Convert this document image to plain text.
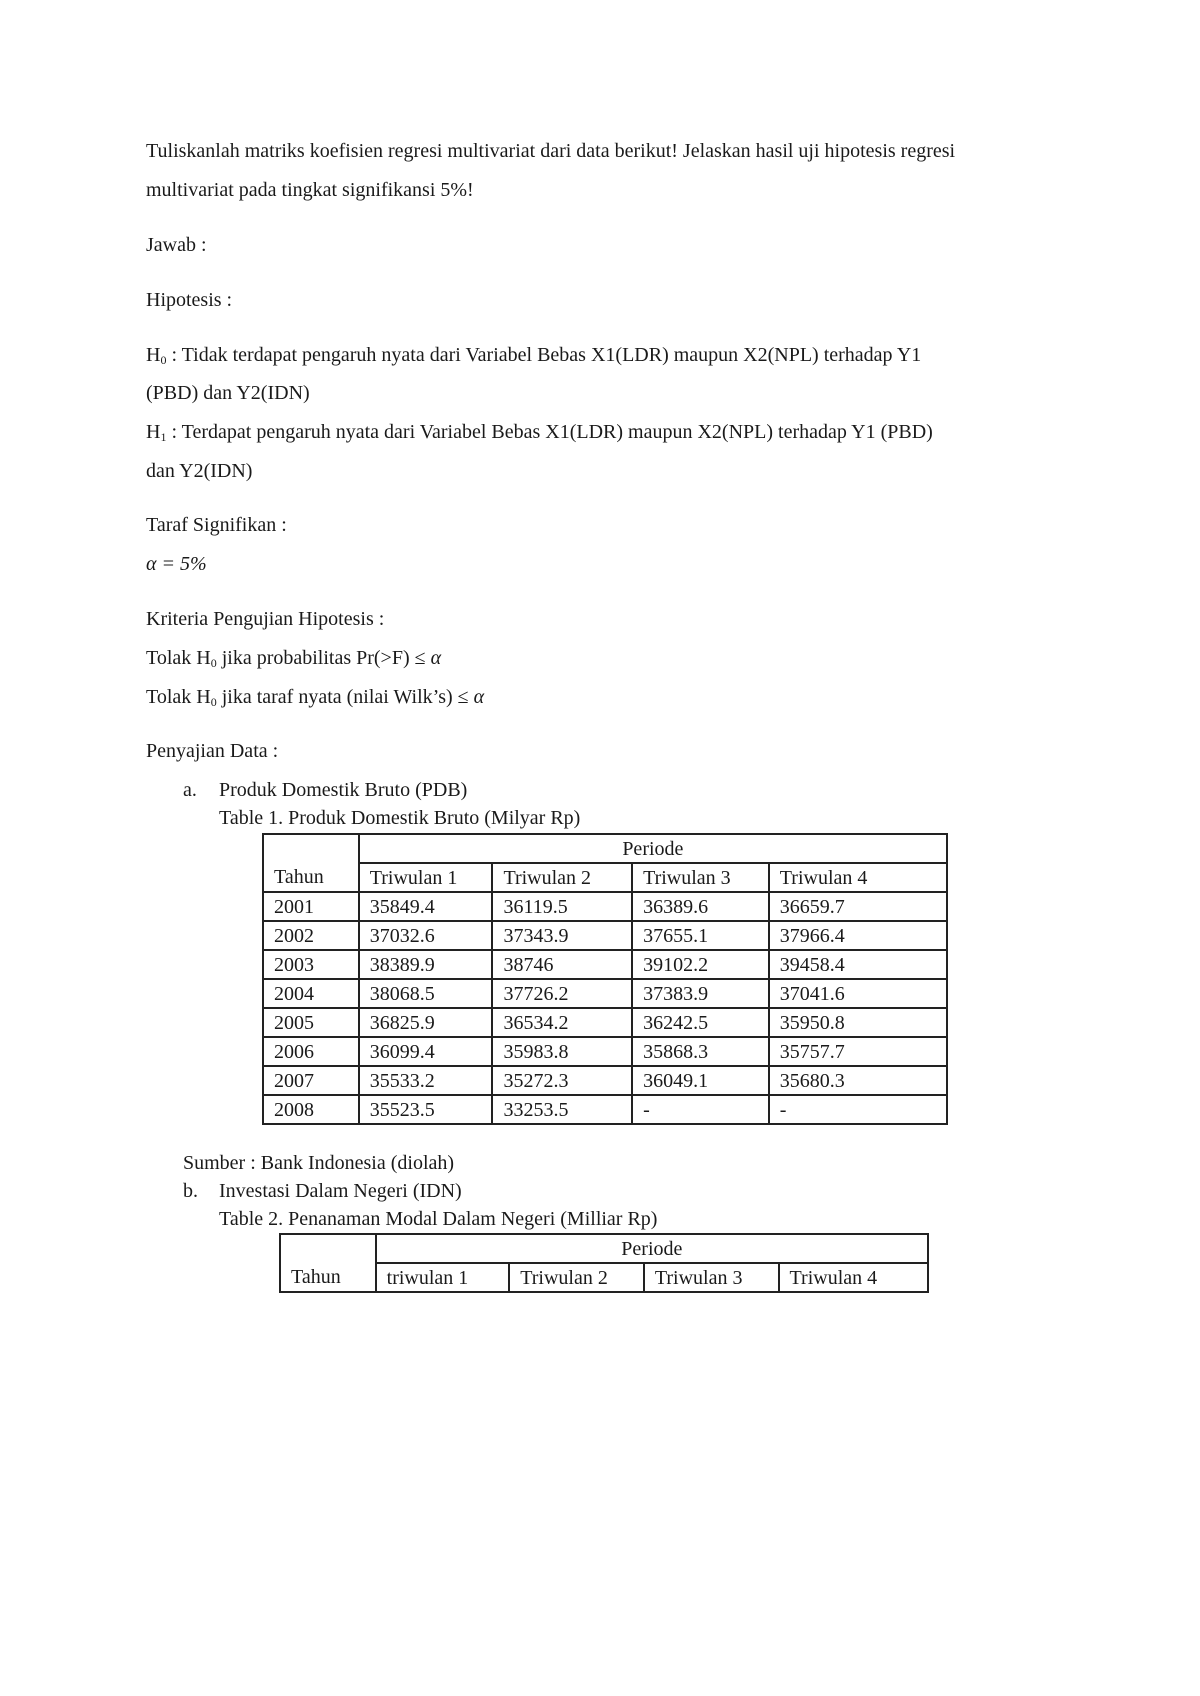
Tuliskanlah matriks koefisien regresi multivariat dari data berikut! Jelaskan hasil uji hipotesis regresi
multivariat pada tingkat signifikansi 5%!
Jawab :
Hipotesis :
$H_0$ : Tidak terdapat pengaruh nyata dari Variabel Bebas X1(LDR) maupun X2(NPL) terhadap Y1
(PBD) dan Y2(IDN)
$H_1$ : Terdapat pengaruh nyata dari Variabel Bebas X1(LDR) maupun X2(NPL) terhadap Y1 (PBD)
dan Y2(IDN)
Taraf Signifikan :
α = 5%
Kriteria Pengujian Hipotesis :
Tolak $H_0$ jika probabilitas Pr(>F) ≤ α
Tolak $H_0$ jika taraf nyata (nilai Wilk’s) ≤ α
Penyajian Data :
a. Produk Domestik Bruto (PDB)
Table 1. Produk Domestik Bruto (Milyar Rp)
Tahun	Periode			
	Triwulan 1	Triwulan 2	Triwulan 3	Triwulan 4
2001	35849.4	36119.5	36389.6	36659.7
2002	37032.6	37343.9	37655.1	37966.4
2003	38389.9	38746	39102.2	39458.4
2004	38068.5	37726.2	37383.9	37041.6
2005	36825.9	36534.2	36242.5	35950.8
2006	36099.4	35983.8	35868.3	35757.7
2007	35533.2	35272.3	36049.1	35680.3
2008	35523.5	33253.5	-	-
Sumber : Bank Indonesia (diolah)
b. Investasi Dalam Negeri (IDN)
Table 2. Penanaman Modal Dalam Negeri (Milliar Rp)
Tahun	Periode			
	triwulan 1	Triwulan 2	Triwulan 3	Triwulan 4
